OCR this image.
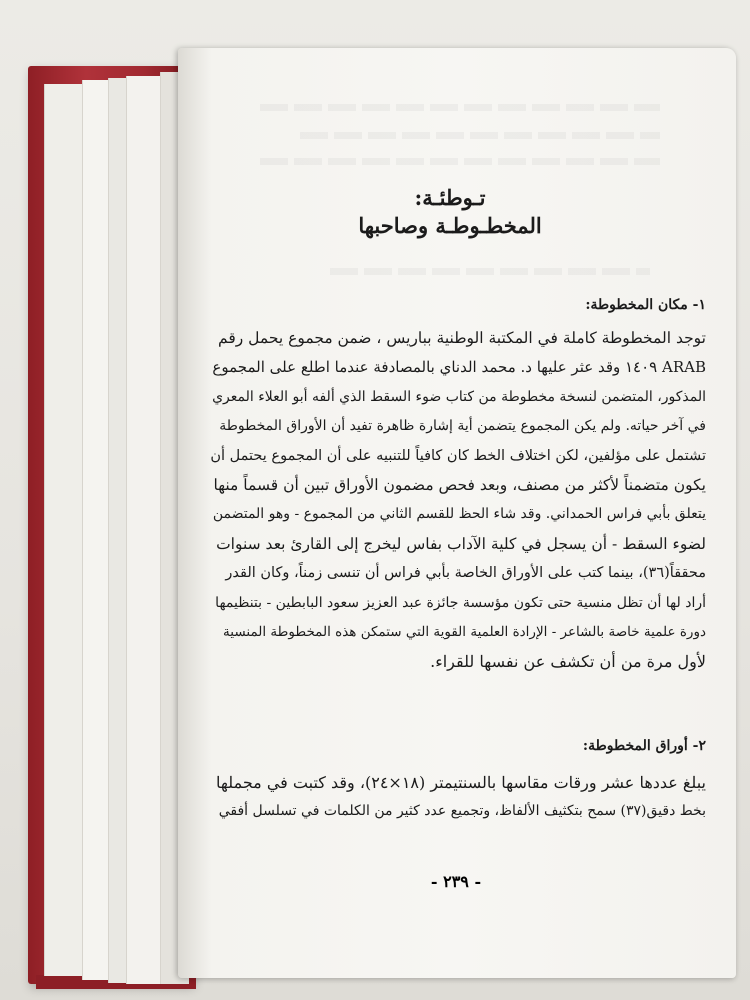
تـوطئـة:
المخطـوطـة وصاحبها
١- مكان المخطوطة:
توجد المخطوطة كاملة في المكتبة الوطنية بباريس ، ضمن مجموع يحمل رقم
ARAB ١٤٠٩ وقد عثر عليها د. محمد الدناي بالمصادفة عندما اطلع على المجموع
المذكور، المتضمن لنسخة مخطوطة من كتاب ضوء السقط الذي ألفه أبو العلاء المعري
في آخر حياته. ولم يكن المجموع يتضمن أية إشارة ظاهرة تفيد أن الأوراق المخطوطة
تشتمل على مؤلفين، لكن اختلاف الخط كان كافياً للتنبيه على أن المجموع يحتمل أن
يكون متضمناً لأكثر من مصنف، وبعد فحص مضمون الأوراق تبين أن قسماً منها
يتعلق بأبي فراس الحمداني. وقد شاء الحظ للقسم الثاني من المجموع - وهو المتضمن
لضوء السقط - أن يسجل في كلية الآداب بفاس ليخرج إلى القارئ بعد سنوات
محققاً(٣٦)، بينما كتب على الأوراق الخاصة بأبي فراس أن تنسى زمناً، وكان القدر
أراد لها أن تظل منسية حتى تكون مؤسسة جائزة عبد العزيز سعود البابطين - بتنظيمها
دورة علمية خاصة بالشاعر - الإرادة العلمية القوية التي ستمكن هذه المخطوطة المنسية
لأول مرة من أن تكشف عن نفسها للقراء.
٢- أوراق المخطوطة:
يبلغ عددها عشر ورقات مقاسها بالسنتيمتر (١٨×٢٤)، وقد كتبت في مجملها
بخط دقيق(٣٧) سمح بتكثيف الألفاظ، وتجميع عدد كثير من الكلمات في تسلسل أفقي
- ٢٣٩ -
